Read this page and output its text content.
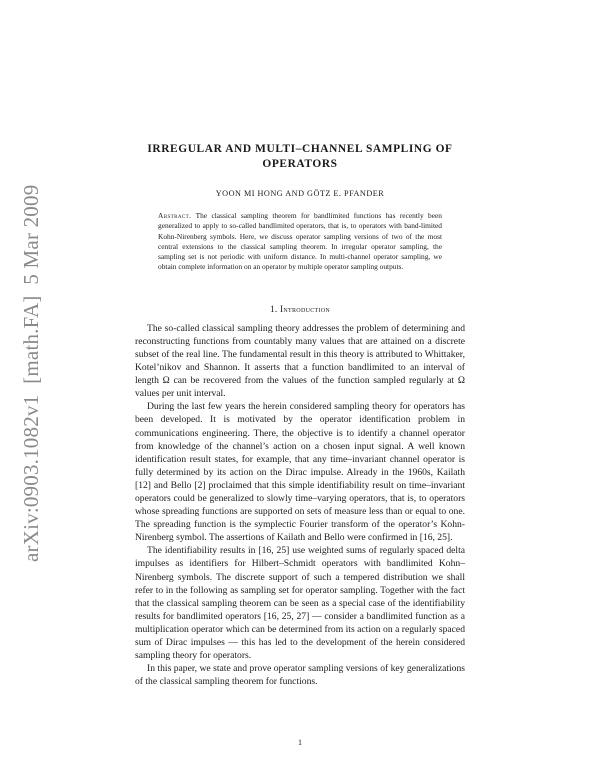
arXiv:0903.1082v1  [math.FA]  5 Mar 2009
IRREGULAR AND MULTI–CHANNEL SAMPLING OF OPERATORS
YOON MI HONG AND GÖTZ E. PFANDER
Abstract. The classical sampling theorem for bandlimited functions has recently been generalized to apply to so-called bandlimited operators, that is, to operators with band-limited Kohn-Nirenberg symbols. Here, we discuss operator sampling versions of two of the most central extensions to the classical sampling theorem. In irregular operator sampling, the sampling set is not periodic with uniform distance. In multi-channel operator sampling, we obtain complete information on an operator by multiple operator sampling outputs.
1. Introduction

The so-called classical sampling theory addresses the problem of determining and reconstructing functions from countably many values that are attained on a discrete subset of the real line. The fundamental result in this theory is attributed to Whittaker, Kotel’nikov and Shannon. It asserts that a function bandlimited to an interval of length Ω can be recovered from the values of the function sampled regularly at Ω values per unit interval.

During the last few years the herein considered sampling theory for operators has been developed. It is motivated by the operator identification problem in communications engineering. There, the objective is to identify a channel operator from knowledge of the channel’s action on a chosen input signal. A well known identification result states, for example, that any time–invariant channel operator is fully determined by its action on the Dirac impulse. Already in the 1960s, Kailath [12] and Bello [2] proclaimed that this simple identifiability result on time–invariant operators could be generalized to slowly time–varying operators, that is, to operators whose spreading functions are supported on sets of measure less than or equal to one. The spreading function is the symplectic Fourier transform of the operator’s Kohn-Nirenberg symbol. The assertions of Kailath and Bello were confirmed in [16, 25].

The identifiability results in [16, 25] use weighted sums of regularly spaced delta impulses as identifiers for Hilbert–Schmidt operators with bandlimited Kohn–Nirenberg symbols. The discrete support of such a tempered distribution we shall refer to in the following as sampling set for operator sampling. Together with the fact that the classical sampling theorem can be seen as a special case of the identifiability results for bandlimited operators [16, 25, 27] — consider a bandlimited function as a multiplication operator which can be determined from its action on a regularly spaced sum of Dirac impulses — this has led to the development of the herein considered sampling theory for operators.

In this paper, we state and prove operator sampling versions of key generalizations of the classical sampling theorem for functions.

1
